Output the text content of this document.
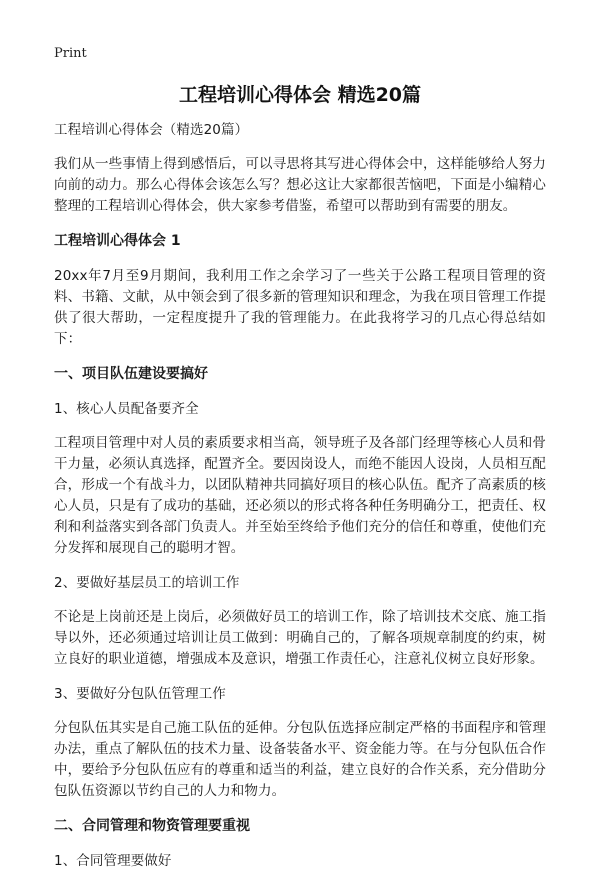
Print
工程培训心得体会 精选20篇

工程培训心得体会（精选20篇）

我们从一些事情上得到感悟后，可以寻思将其写进心得体会中，这样能够给人努力向前的动力。那么心得体会该怎么写？想必这让大家都很苦恼吧，下面是小编精心整理的工程培训心得体会，供大家参考借鉴，希望可以帮助到有需要的朋友。

工程培训心得体会 1

20xx年7月至9月期间，我利用工作之余学习了一些关于公路工程项目管理的资料、书籍、文献，从中领会到了很多新的管理知识和理念，为我在项目管理工作提供了很大帮助，一定程度提升了我的管理能力。在此我将学习的几点心得总结如下：

一、项目队伍建设要搞好

1、核心人员配备要齐全

工程项目管理中对人员的素质要求相当高，领导班子及各部门经理等核心人员和骨干力量，必须认真选择，配置齐全。要因岗设人，而绝不能因人设岗，人员相互配合，形成一个有战斗力，以团队精神共同搞好项目的核心队伍。配齐了高素质的核心人员，只是有了成功的基础，还必须以的形式将各种任务明确分工，把责任、权利和利益落实到各部门负责人。并至始至终给予他们充分的信任和尊重，使他们充分发挥和展现自己的聪明才智。

2、要做好基层员工的培训工作

不论是上岗前还是上岗后，必须做好员工的培训工作，除了培训技术交底、施工指导以外，还必须通过培训让员工做到：明确自己的，了解各项规章制度的约束，树立良好的职业道德，增强成本及意识，增强工作责任心，注意礼仪树立良好形象。

3、要做好分包队伍管理工作

分包队伍其实是自己施工队伍的延伸。分包队伍选择应制定严格的书面程序和管理办法，重点了解队伍的技术力量、设备装备水平、资金能力等。在与分包队伍合作中，要给予分包队伍应有的尊重和适当的利益，建立良好的合作关系，充分借助分包队伍资源以节约自己的人力和物力。

二、合同管理和物资管理要重视

1、合同管理要做好
